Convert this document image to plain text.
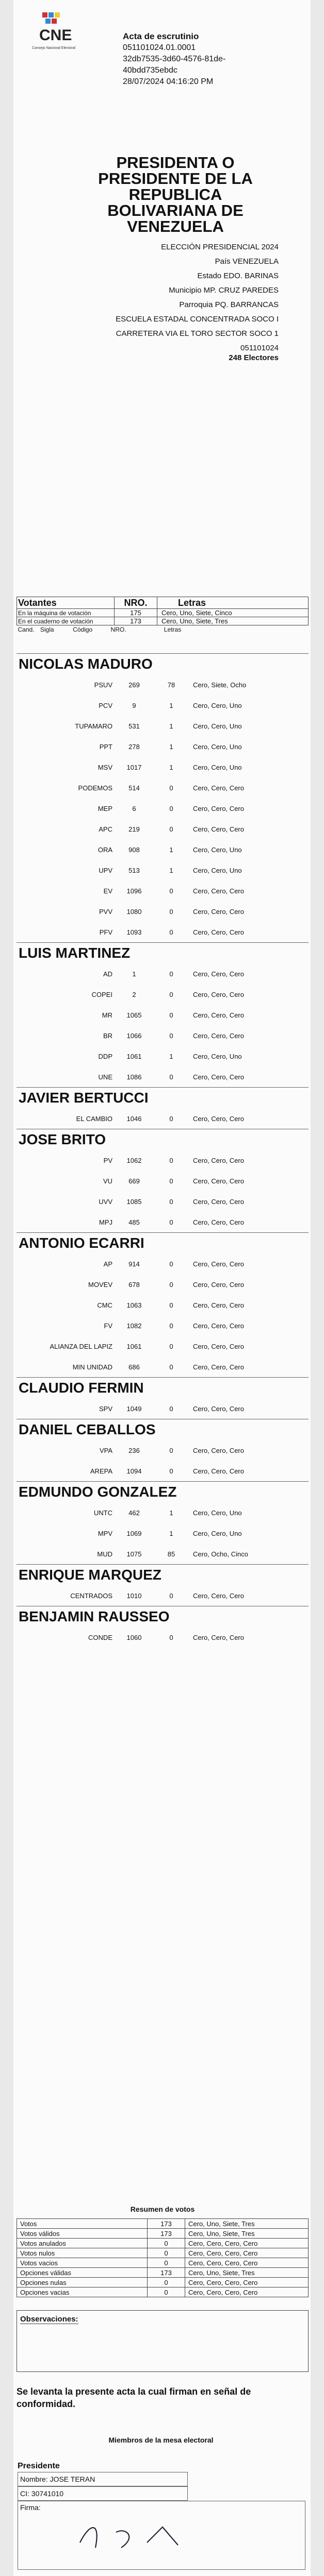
CNE
Consejo Nacional Electoral
Acta de escrutinio
051101024.01.0001
32db7535-3d60-4576-81de-
40bdd735ebdc
28/07/2024 04:16:20 PM
PRESIDENTA O PRESIDENTE DE LA REPUBLICA BOLIVARIANA DE VENEZUELA
ELECCIÓN PRESIDENCIAL 2024
País VENEZUELA
Estado EDO. BARINAS
Municipio MP. CRUZ PAREDES
Parroquia PQ. BARRANCAS
ESCUELA ESTADAL CONCENTRADA SOCO I
CARRETERA VIA EL TORO SECTOR SOCO 1
051101024
248 Electores
Votantes	NRO.	Letras
En la máquina de votación	175	Cero, Uno, Siete, Cinco
En el cuaderno de votación	173	Cero, Uno, Siete, Tres
Cand. Sigla Código NRO. Letras		
NICOLAS MADURO
PSUV	269	78	Cero, Siete, Ocho
PCV	9	1	Cero, Cero, Uno
TUPAMARO	531	1	Cero, Cero, Uno
PPT	278	1	Cero, Cero, Uno
MSV	1017	1	Cero, Cero, Uno
PODEMOS	514	0	Cero, Cero, Cero
MEP	6	0	Cero, Cero, Cero
APC	219	0	Cero, Cero, Cero
ORA	908	1	Cero, Cero, Uno
UPV	513	1	Cero, Cero, Uno
EV	1096	0	Cero, Cero, Cero
PVV	1080	0	Cero, Cero, Cero
PFV	1093	0	Cero, Cero, Cero
LUIS MARTINEZ
AD	1	0	Cero, Cero, Cero
COPEI	2	0	Cero, Cero, Cero
MR	1065	0	Cero, Cero, Cero
BR	1066	0	Cero, Cero, Cero
DDP	1061	1	Cero, Cero, Uno
UNE	1086	0	Cero, Cero, Cero
JAVIER BERTUCCI
EL CAMBIO	1046	0	Cero, Cero, Cero
JOSE BRITO
PV	1062	0	Cero, Cero, Cero
VU	669	0	Cero, Cero, Cero
UVV	1085	0	Cero, Cero, Cero
MPJ	485	0	Cero, Cero, Cero
ANTONIO ECARRI
AP	914	0	Cero, Cero, Cero
MOVEV	678	0	Cero, Cero, Cero
CMC	1063	0	Cero, Cero, Cero
FV	1082	0	Cero, Cero, Cero
ALIANZA DEL LAPIZ	1061	0	Cero, Cero, Cero
MIN UNIDAD	686	0	Cero, Cero, Cero
CLAUDIO FERMIN
SPV	1049	0	Cero, Cero, Cero
DANIEL CEBALLOS
VPA	236	0	Cero, Cero, Cero
AREPA	1094	0	Cero, Cero, Cero
EDMUNDO GONZALEZ
UNTC	462	1	Cero, Cero, Uno
MPV	1069	1	Cero, Cero, Uno
MUD	1075	85	Cero, Ocho, Cinco
ENRIQUE MARQUEZ
CENTRADOS	1010	0	Cero, Cero, Cero
BENJAMIN RAUSSEO
CONDE	1060	0	Cero, Cero, Cero
Resumen de votos
Votos	173	Cero, Uno, Siete, Tres
Votos válidos	173	Cero, Uno, Siete, Tres
Votos anulados	0	Cero, Cero, Cero, Cero
Votos nulos	0	Cero, Cero, Cero, Cero
Votos vacios	0	Cero, Cero, Cero, Cero
Opciones válidas	173	Cero, Uno, Siete, Tres
Opciones nulas	0	Cero, Cero, Cero, Cero
Opciones vacias	0	Cero, Cero, Cero, Cero
Observaciones:
Se levanta la presente acta la cual firman en señal de conformidad.
Miembros de la mesa electoral
Presidente
Nombre: JOSE TERAN
CI: 30741010
Firma:
